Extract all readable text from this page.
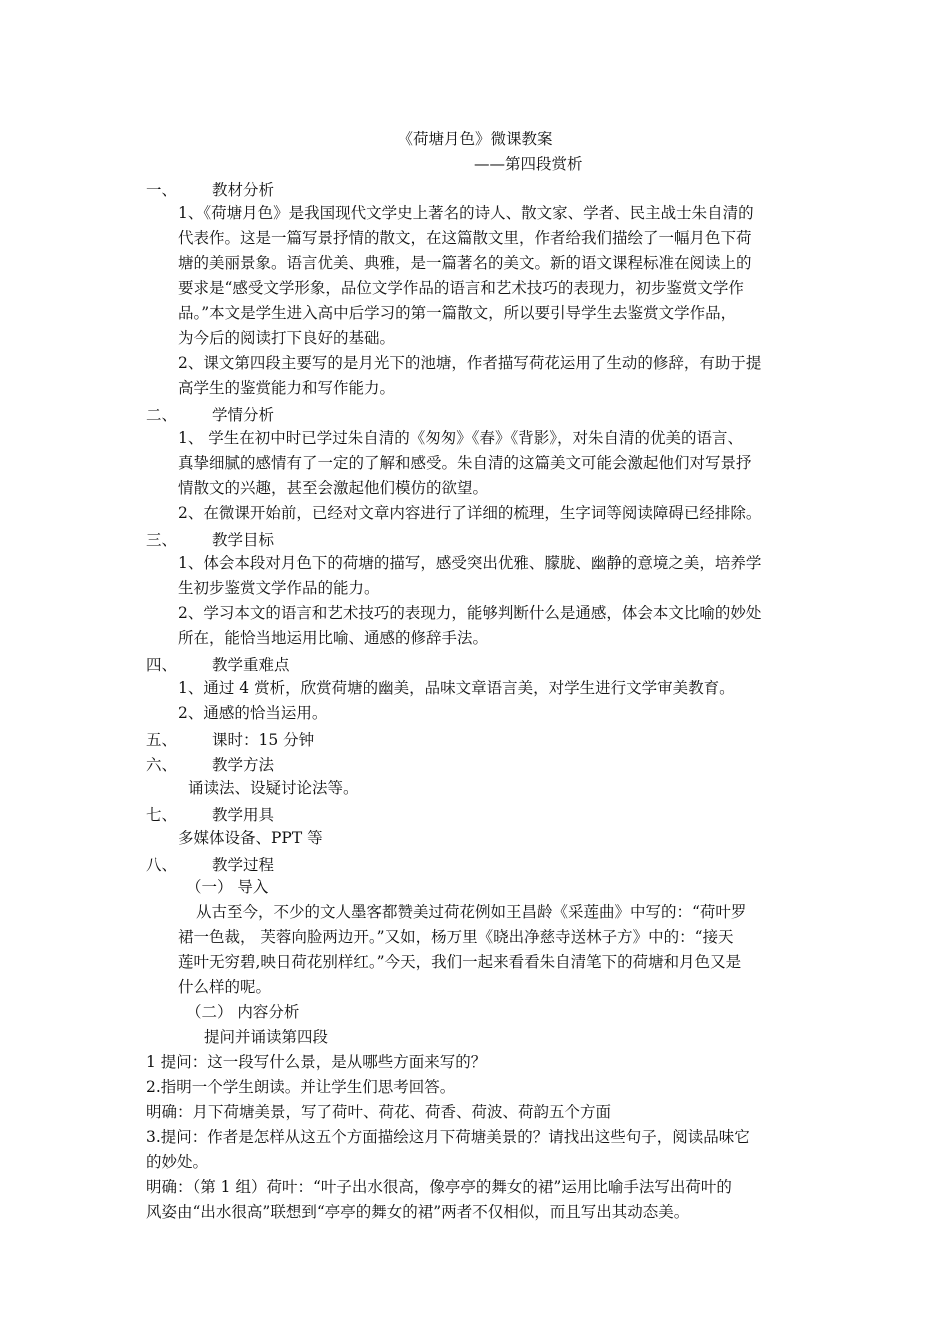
《荷塘月色》微课教案
——第四段赏析
一、 教材分析
1、《荷塘月色》是我国现代文学史上著名的诗人、散文家、学者、民主战士朱自清的
代表作。这是一篇写景抒情的散文，在这篇散文里，作者给我们描绘了一幅月色下荷
塘的美丽景象。语言优美、典雅，是一篇著名的美文。新的语文课程标准在阅读上的
要求是“感受文学形象，品位文学作品的语言和艺术技巧的表现力，初步鉴赏文学作
品。”本文是学生进入高中后学习的第一篇散文，所以要引导学生去鉴赏文学作品，
为今后的阅读打下良好的基础。
2、课文第四段主要写的是月光下的池塘，作者描写荷花运用了生动的修辞，有助于提
高学生的鉴赏能力和写作能力。
二、 学情分析
1、 学生在初中时已学过朱自清的《匆匆》《春》《背影》，对朱自清的优美的语言、
真挚细腻的感情有了一定的了解和感受。朱自清的这篇美文可能会激起他们对写景抒
情散文的兴趣，甚至会激起他们模仿的欲望。
2、在微课开始前，已经对文章内容进行了详细的梳理，生字词等阅读障碍已经排除。
三、 教学目标
1、体会本段对月色下的荷塘的描写，感受突出优雅、朦胧、幽静的意境之美，培养学
生初步鉴赏文学作品的能力。
2、学习本文的语言和艺术技巧的表现力，能够判断什么是通感，体会本文比喻的妙处
所在，能恰当地运用比喻、通感的修辞手法。
四、 教学重难点
1、通过 4 赏析，欣赏荷塘的幽美，品味文章语言美，对学生进行文学审美教育。
2、通感的恰当运用。
五、 课时：15 分钟
六、 教学方法
诵读法、设疑讨论法等。
七、 教学用具
多媒体设备、PPT 等
八、 教学过程
（一） 导入
从古至今，不少的文人墨客都赞美过荷花例如王昌龄《采莲曲》中写的：“荷叶罗
裙一色裁， 芙蓉向脸两边开。”又如，杨万里《晓出净慈寺送林子方》中的：“接天
莲叶无穷碧,映日荷花别样红。”今天，我们一起来看看朱自清笔下的荷塘和月色又是
什么样的呢。
（二） 内容分析
提问并诵读第四段
1 提问：这一段写什么景，是从哪些方面来写的？
2.指明一个学生朗读。并让学生们思考回答。
明确：月下荷塘美景，写了荷叶、荷花、荷香、荷波、荷韵五个方面
3.提问：作者是怎样从这五个方面描绘这月下荷塘美景的？请找出这些句子，阅读品味它
的妙处。
明确：（第 1 组）荷叶：“叶子出水很高，像亭亭的舞女的裙”运用比喻手法写出荷叶的
风姿由“出水很高”联想到“亭亭的舞女的裙”两者不仅相似，而且写出其动态美。
